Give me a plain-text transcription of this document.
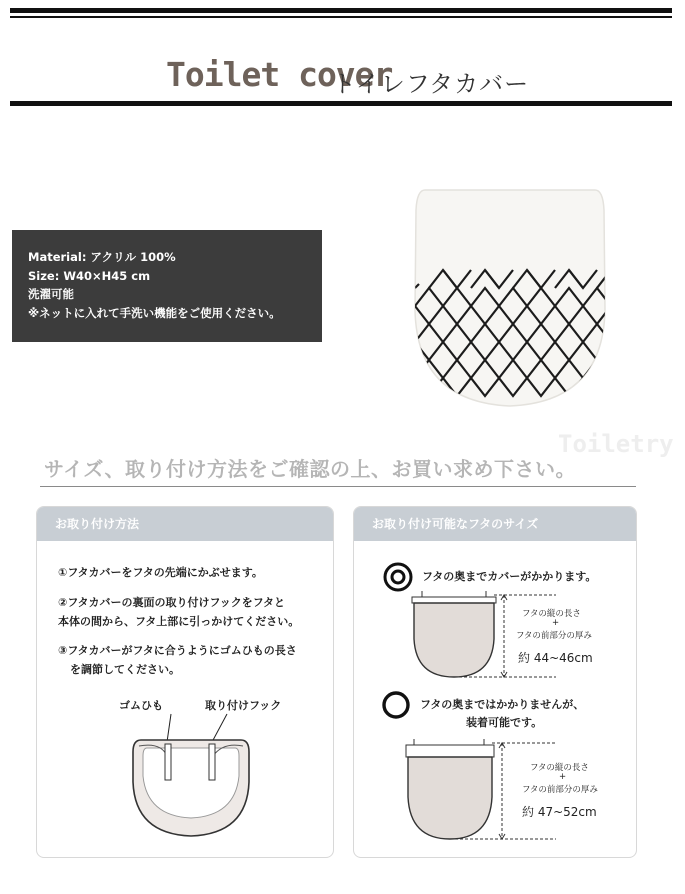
Toilet cover
トイレフタカバー
Material: アクリル 100%
Size: W40×H45 cm
洗濯可能
※ネットに入れて手洗い機能をご使用ください。
Toiletry
サイズ、取り付け方法をご確認の上、お買い求め下さい。
お取り付け方法
①フタカバーをフタの先端にかぶせます。
②フタカバーの裏面の取り付けフックをフタと
本体の間から、フタ上部に引っかけてください。
③フタカバーがフタに合うようにゴムひもの長さ
を調節してください。
ゴムひも	取り付けフック
お取り付け可能なフタのサイズ
フタの奥までカバーがかかります。
フタの縦の長さ
+
フタの前部分の厚み
約 44~46cm
フタの奥まではかかりませんが、
装着可能です。
フタの縦の長さ
+
フタの前部分の厚み
約 47~52cm
